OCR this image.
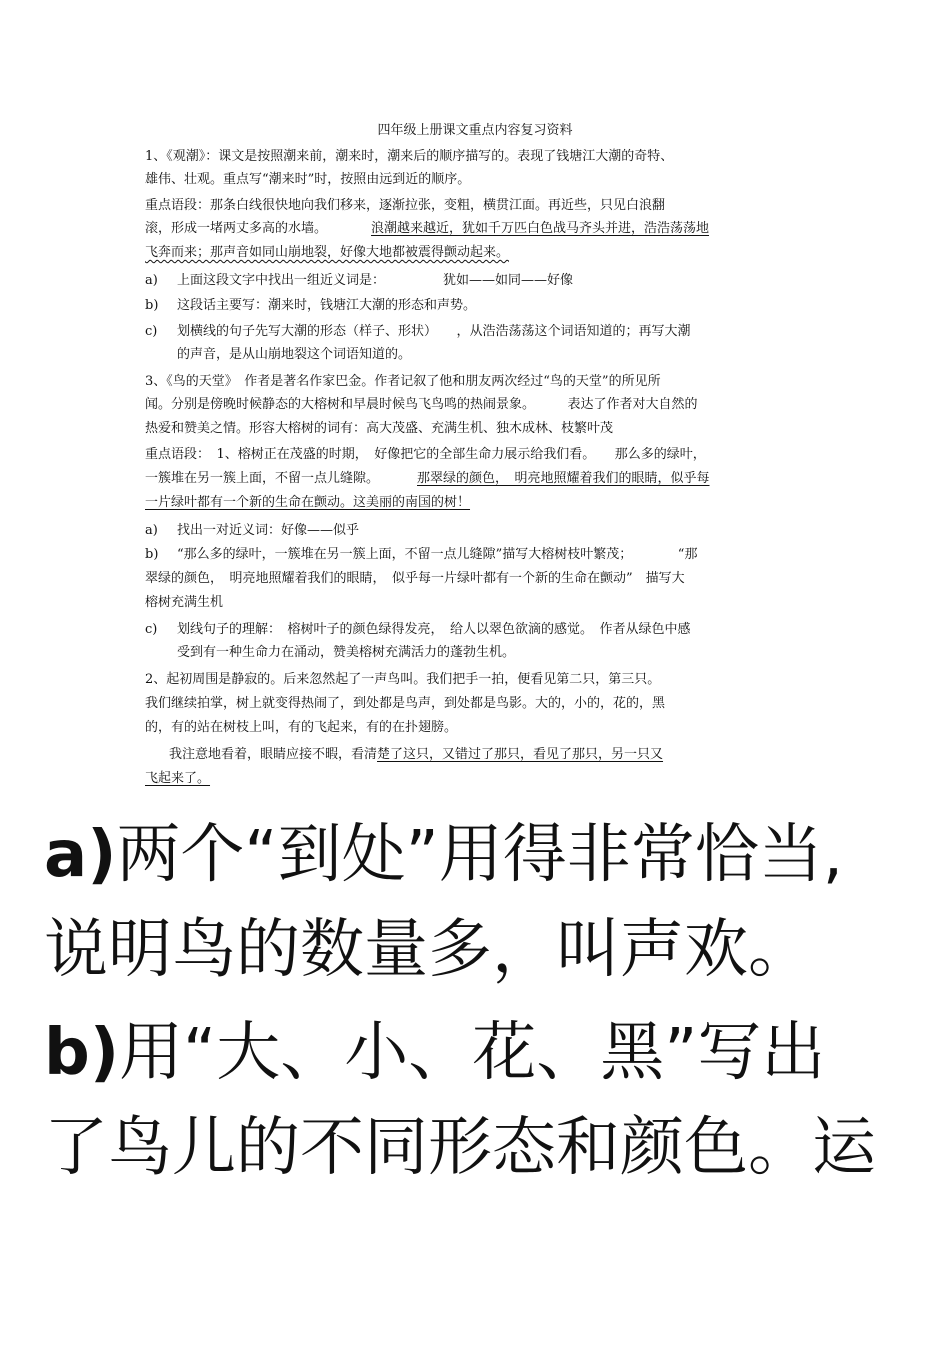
四年级上册课文重点内容复习资料

1、《观潮》：课文是按照潮来前，潮来时，潮来后的顺序描写的。表现了钱塘江大潮的奇特、

雄伟、壮观。重点写“潮来时”时，按照由远到近的顺序。

重点语段：那条白线很快地向我们移来，逐渐拉张，变粗，横贯江面。再近些，只见白浪翻

滚，形成一堵两丈多高的水墙。	浪潮越来越近，犹如千万匹白色战马齐头并进，浩浩荡荡地

飞奔而来；那声音如同山崩地裂，好像大地都被震得颤动起来。

a) 上面这段文字中找出一组近义词是：	犹如——如同——好像

b) 这段话主要写：潮来时，钱塘江大潮的形态和声势。

c) 划横线的句子先写大潮的形态（样子、形状）　　，从浩浩荡荡这个词语知道的；再写大潮

的声音，是从山崩地裂这个词语知道的。

3、《鸟的天堂》　作者是著名作家巴金。作者记叙了他和朋友两次经过“鸟的天堂”的所见所

闻。分别是傍晚时候静态的大榕树和早晨时候鸟飞鸟鸣的热闹景象。　　　表达了作者对大自然的

热爱和赞美之情。形容大榕树的词有：高大茂盛、充满生机、独木成林、枝繁叶茂

重点语段：　1、榕树正在茂盛的时期，　好像把它的全部生命力展示给我们看。　　那么多的绿叶，

一簇堆在另一簇上面，不留一点儿缝隙。	那翠绿的颜色，　明亮地照耀着我们的眼睛，似乎每

一片绿叶都有一个新的生命在颤动。这美丽的南国的树！

a) 找出一对近义词：好像——似乎

b) “那么多的绿叶，一簇堆在另一簇上面，不留一点儿缝隙”描写大榕树枝叶繁茂；　　　　“那

翠绿的颜色，　明亮地照耀着我们的眼睛，　似乎每一片绿叶都有一个新的生命在颤动”　描写大

榕树充满生机

c) 划线句子的理解：　榕树叶子的颜色绿得发亮，　给人以翠色欲滴的感觉。　作者从绿色中感

受到有一种生命力在涌动，赞美榕树充满活力的蓬勃生机。

2、起初周围是静寂的。后来忽然起了一声鸟叫。我们把手一拍，便看见第二只，第三只。

我们继续拍掌，树上就变得热闹了，到处都是鸟声，到处都是鸟影。大的，小的，花的，黑

的，有的站在树枝上叫，有的飞起来，有的在扑翅膀。

我注意地看着，眼睛应接不暇，看清楚了这只，又错过了那只，看见了那只，另一只又

飞起来了。

a)两个“到处”用得非常恰当,

说明鸟的数量多，叫声欢。

b)用“大、小、花、黑”写出

了鸟儿的不同形态和颜色。运
